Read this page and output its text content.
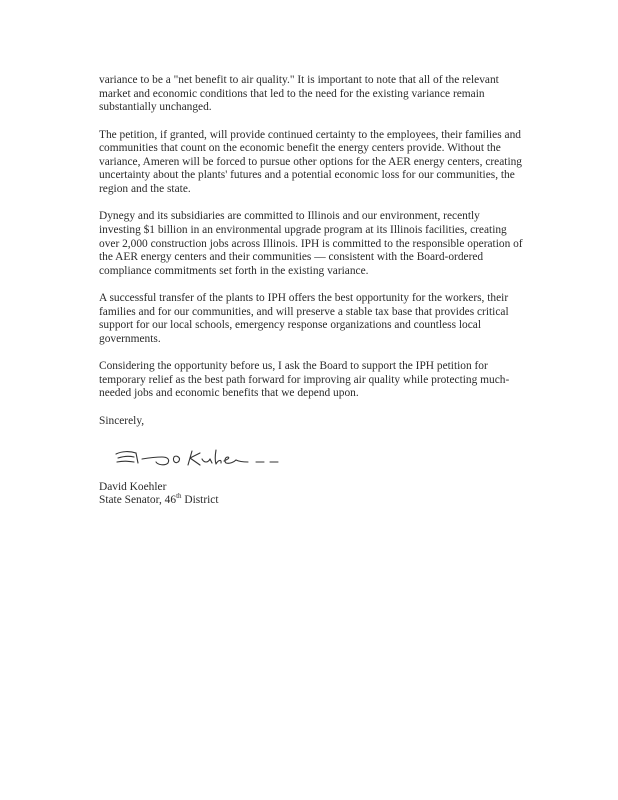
variance to be a "net benefit to air quality." It is important to note that all of the relevant market and economic conditions that led to the need for the existing variance remain substantially unchanged.

The petition, if granted, will provide continued certainty to the employees, their families and communities that count on the economic benefit the energy centers provide. Without the variance, Ameren will be forced to pursue other options for the AER energy centers, creating uncertainty about the plants' futures and a potential economic loss for our communities, the region and the state.

Dynegy and its subsidiaries are committed to Illinois and our environment, recently investing $1 billion in an environmental upgrade program at its Illinois facilities, creating over 2,000 construction jobs across Illinois. IPH is committed to the responsible operation of the AER energy centers and their communities — consistent with the Board-ordered compliance commitments set forth in the existing variance.

A successful transfer of the plants to IPH offers the best opportunity for the workers, their families and for our communities, and will preserve a stable tax base that provides critical support for our local schools, emergency response organizations and countless local governments.

Considering the opportunity before us, I ask the Board to support the IPH petition for temporary relief as the best path forward for improving air quality while protecting much-needed jobs and economic benefits that we depend upon.

Sincerely,

David Koehler
State Senator, 46th District
